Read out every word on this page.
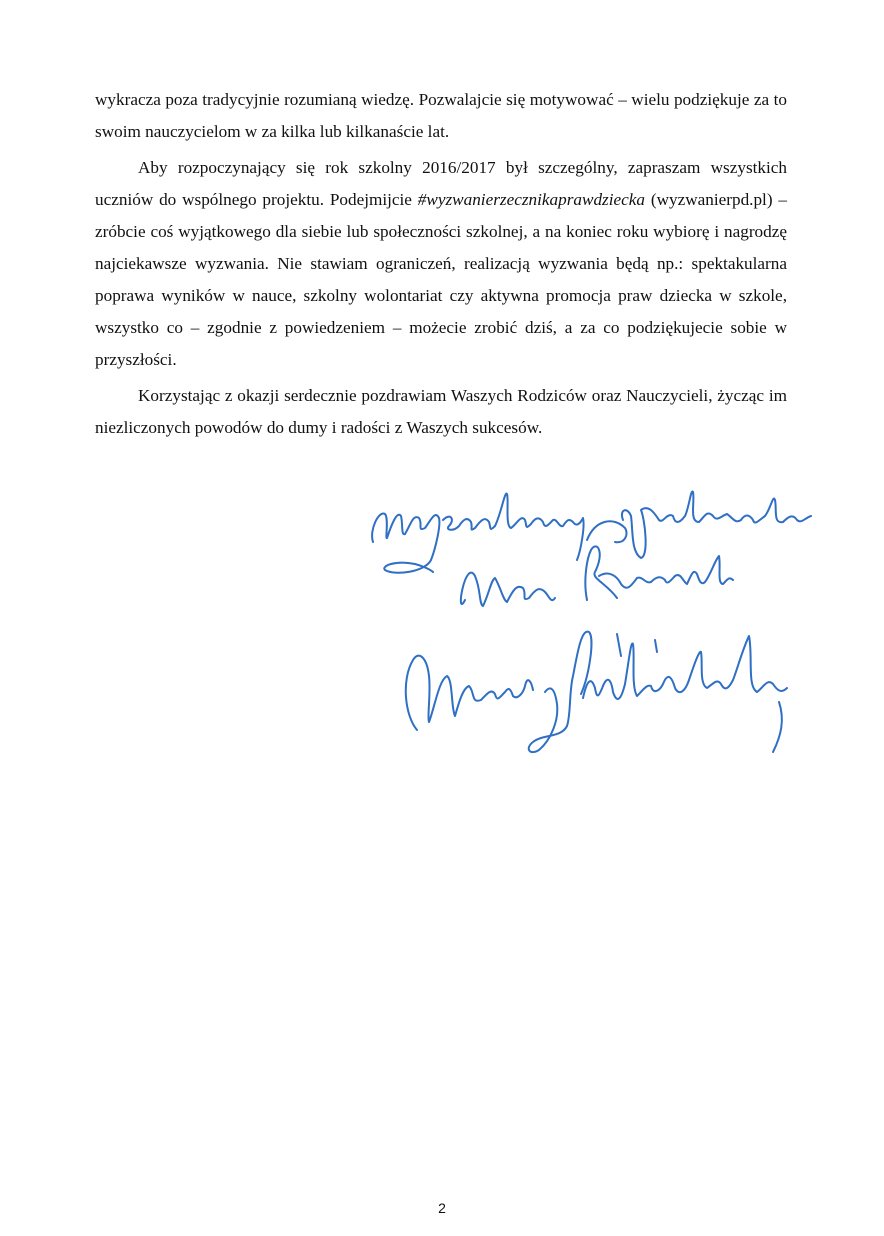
wykracza poza tradycyjnie rozumianą wiedzę. Pozwalajcie się motywować – wielu podziękuje za to swoim nauczycielom w za kilka lub kilkanaście lat.

Aby rozpoczynający się rok szkolny 2016/2017 był szczególny, zapraszam wszystkich uczniów do wspólnego projektu. Podejmijcie #wyzwanierzecznikaprawdziecka (wyzwanierpd.pl) – zróbcie coś wyjątkowego dla siebie lub społeczności szkolnej, a na koniec roku wybiorę i nagrodzę najciekawsze wyzwania. Nie stawiam ograniczeń, realizacją wyzwania będą np.: spektakularna poprawa wyników w nauce, szkolny wolontariat czy aktywna promocja praw dziecka w szkole, wszystko co – zgodnie z powiedzeniem – możecie zrobić dziś, a za co podziękujecie sobie w przyszłości.

Korzystając z okazji serdecznie pozdrawiam Waszych Rodziców oraz Nauczycieli, życząc im niezliczonych powodów do dumy i radości z Waszych sukcesów.

2
